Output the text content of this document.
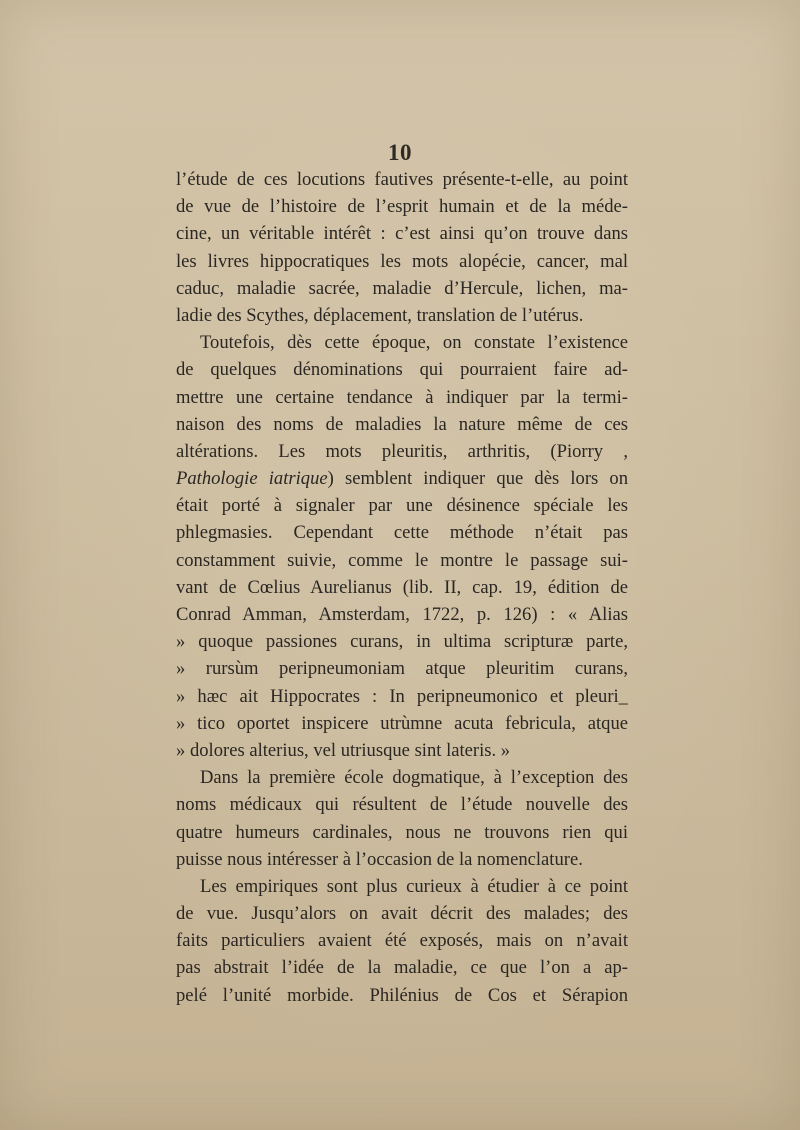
10
l’étude de ces locutions fautives présente-t-elle, au point
de vue de l’histoire de l’esprit humain et de la méde-
cine, un véritable intérêt : c’est ainsi qu’on trouve dans
les livres hippocratiques les mots alopécie, cancer, mal
caduc, maladie sacrée, maladie d’Hercule, lichen, ma-
ladie des Scythes, déplacement, translation de l’utérus.
Toutefois, dès cette époque, on constate l’existence
de quelques dénominations qui pourraient faire ad-
mettre une certaine tendance à indiquer par la termi-
naison des noms de maladies la nature même de ces
altérations. Les mots pleuritis, arthritis, (Piorry ,
Pathologie iatrique) semblent indiquer que dès lors on
était porté à signaler par une désinence spéciale les
phlegmasies. Cependant cette méthode n’était pas
constamment suivie, comme le montre le passage sui-
vant de Cœlius Aurelianus (lib. II, cap. 19, édition de
Conrad Amman, Amsterdam, 1722, p. 126) : « Alias
» quoque passiones curans, in ultima scripturæ parte,
» rursùm peripneumoniam atque pleuritim curans,
» hæc ait Hippocrates : In peripneumonico et pleuri_
» tico oportet inspicere utrùmne acuta febricula, atque
» dolores alterius, vel utriusque sint lateris. »
Dans la première école dogmatique, à l’exception des
noms médicaux qui résultent de l’étude nouvelle des
quatre humeurs cardinales, nous ne trouvons rien qui
puisse nous intéresser à l’occasion de la nomenclature.
Les empiriques sont plus curieux à étudier à ce point
de vue. Jusqu’alors on avait décrit des malades; des
faits particuliers avaient été exposés, mais on n’avait
pas abstrait l’idée de la maladie, ce que l’on a ap-
pelé l’unité morbide. Philénius de Cos et Sérapion
